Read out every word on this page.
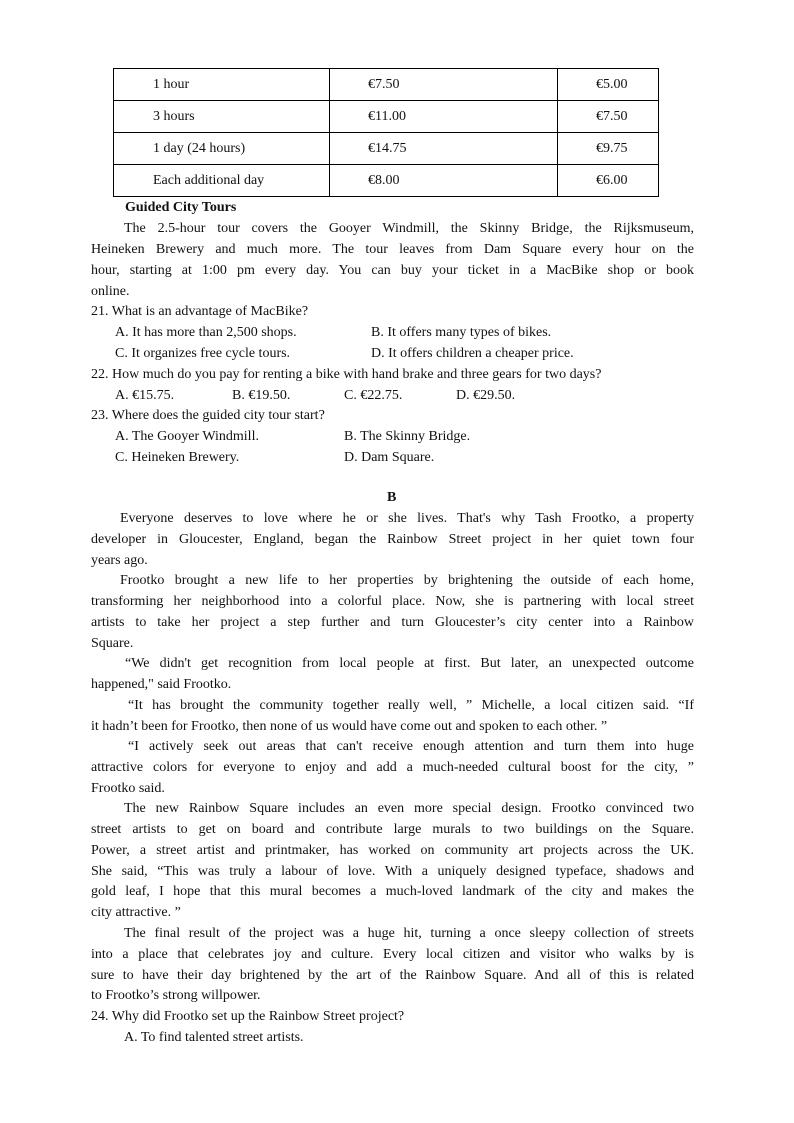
1 hour	€7.50	€5.00
3 hours	€11.00	€7.50
1 day (24 hours)	€14.75	€9.75
Each additional day	€8.00	€6.00
Guided City Tours
The 2.5-hour tour covers the Gooyer Windmill, the Skinny Bridge, the Rijksmuseum,
Heineken Brewery and much more. The tour leaves from Dam Square every hour on the
hour, starting at 1:00 pm every day. You can buy your ticket in a MacBike shop or book
online.
21. What is an advantage of MacBike?
A. It has more than 2,500 shops.	B. It offers many types of bikes.
C. It organizes free cycle tours.	D. It offers children a cheaper price.
22. How much do you pay for renting a bike with hand brake and three gears for two days?
A. €15.75.	B. €19.50.	C. €22.75.	D. €29.50.
23. Where does the guided city tour start?
A. The Gooyer Windmill.	B. The Skinny Bridge.
C. Heineken Brewery.	D. Dam Square.
B
Everyone deserves to love where he or she lives. That's why Tash Frootko, a property
developer in Gloucester, England, began the Rainbow Street project in her quiet town four
years ago.
Frootko brought a new life to her properties by brightening the outside of each home,
transforming her neighborhood into a colorful place. Now, she is partnering with local street
artists to take her project a step further and turn Gloucester’s city center into a Rainbow
Square.
“We didn't get recognition from local people at first. But later, an unexpected outcome
happened," said Frootko.
“It has brought the community together really well, ” Michelle, a local citizen said. “If
it hadn’t been for Frootko, then none of us would have come out and spoken to each other. ”
“I actively seek out areas that can't receive enough attention and turn them into huge
attractive colors for everyone to enjoy and add a much-needed cultural boost for the city, ”
Frootko said.
The new Rainbow Square includes an even more special design. Frootko convinced two
street artists to get on board and contribute large murals to two buildings on the Square.
Power, a street artist and printmaker, has worked on community art projects across the UK.
She said, “This was truly a labour of love. With a uniquely designed typeface, shadows and
gold leaf, I hope that this mural becomes a much-loved landmark of the city and makes the
city attractive. ”
The final result of the project was a huge hit, turning a once sleepy collection of streets
into a place that celebrates joy and culture. Every local citizen and visitor who walks by is
sure to have their day brightened by the art of the Rainbow Square. And all of this is related
to Frootko’s strong willpower.
24. Why did Frootko set up the Rainbow Street project?
A. To find talented street artists.
